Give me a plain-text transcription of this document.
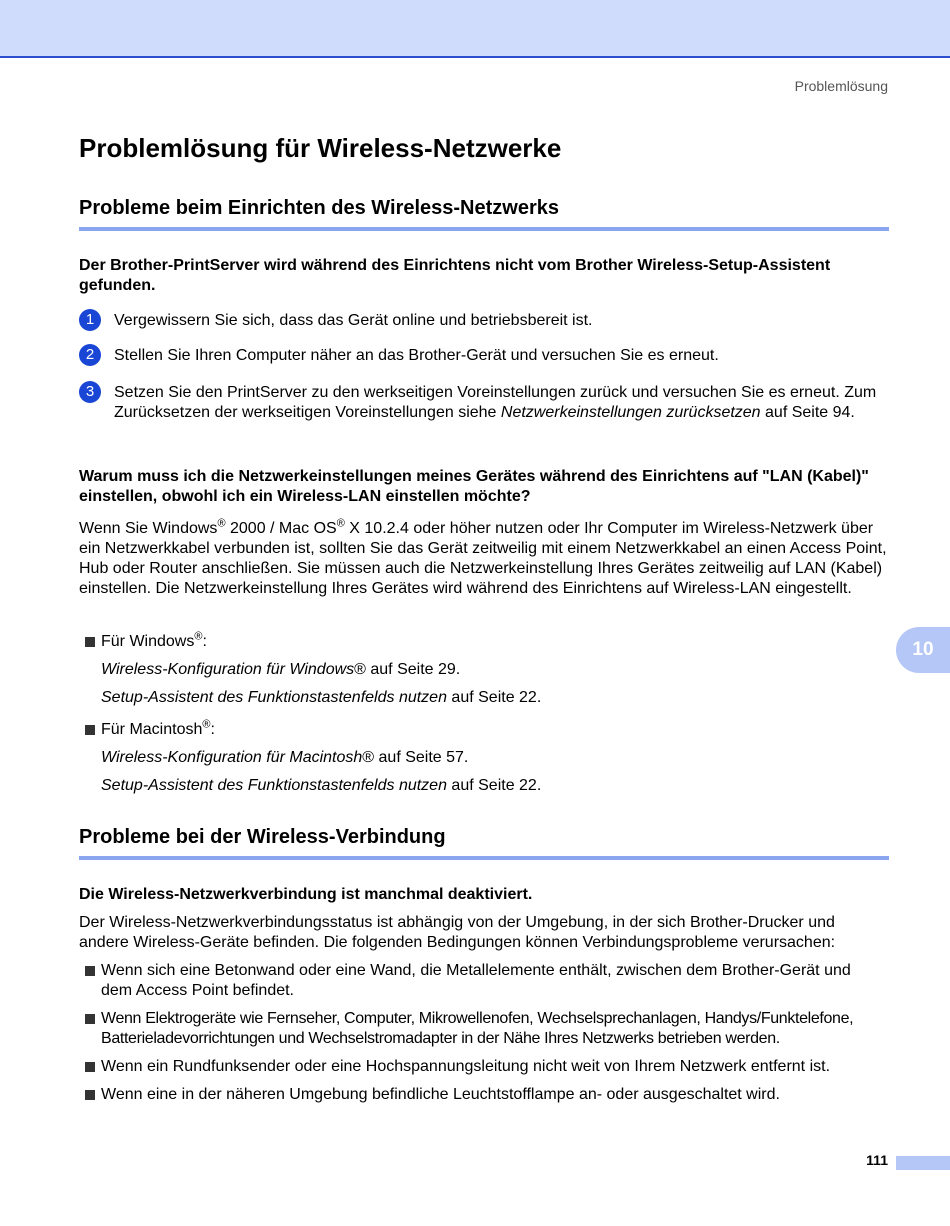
Problemlösung
Problemlösung für Wireless-Netzwerke
Probleme beim Einrichten des Wireless-Netzwerks

Der Brother-PrintServer wird während des Einrichtens nicht vom Brother Wireless-Setup-Assistent gefunden.

1	Vergewissern Sie sich, dass das Gerät online und betriebsbereit ist.
2	Stellen Sie Ihren Computer näher an das Brother-Gerät und versuchen Sie es erneut.
3	Setzen Sie den PrintServer zu den werkseitigen Voreinstellungen zurück und versuchen Sie es erneut. Zum Zurücksetzen der werkseitigen Voreinstellungen siehe Netzwerkeinstellungen zurücksetzen auf Seite 94.

Warum muss ich die Netzwerkeinstellungen meines Gerätes während des Einrichtens auf "LAN (Kabel)" einstellen, obwohl ich ein Wireless-LAN einstellen möchte?

Wenn Sie Windows® 2000 / Mac OS® X 10.2.4 oder höher nutzen oder Ihr Computer im Wireless-Netzwerk über ein Netzwerkkabel verbunden ist, sollten Sie das Gerät zeitweilig mit einem Netzwerkkabel an einen Access Point, Hub oder Router anschließen. Sie müssen auch die Netzwerkeinstellung Ihres Gerätes zeitweilig auf LAN (Kabel) einstellen. Die Netzwerkeinstellung Ihres Gerätes wird während des Einrichtens auf Wireless-LAN eingestellt.

Für Windows®:
Wireless-Konfiguration für Windows® auf Seite 29.
Setup-Assistent des Funktionstastenfelds nutzen auf Seite 22.
Für Macintosh®:
Wireless-Konfiguration für Macintosh® auf Seite 57.
Setup-Assistent des Funktionstastenfelds nutzen auf Seite 22.
Probleme bei der Wireless-Verbindung

Die Wireless-Netzwerkverbindung ist manchmal deaktiviert.

Der Wireless-Netzwerkverbindungsstatus ist abhängig von der Umgebung, in der sich Brother-Drucker und andere Wireless-Geräte befinden. Die folgenden Bedingungen können Verbindungsprobleme verursachen:

Wenn sich eine Betonwand oder eine Wand, die Metallelemente enthält, zwischen dem Brother-Gerät und dem Access Point befindet.
Wenn Elektrogeräte wie Fernseher, Computer, Mikrowellenofen, Wechselsprechanlagen, Handys/Funktelefone, Batterieladevorrichtungen und Wechselstromadapter in der Nähe Ihres Netzwerks betrieben werden.
Wenn ein Rundfunksender oder eine Hochspannungsleitung nicht weit von Ihrem Netzwerk entfernt ist.
Wenn eine in der näheren Umgebung befindliche Leuchtstofflampe an- oder ausgeschaltet wird.
10
111
